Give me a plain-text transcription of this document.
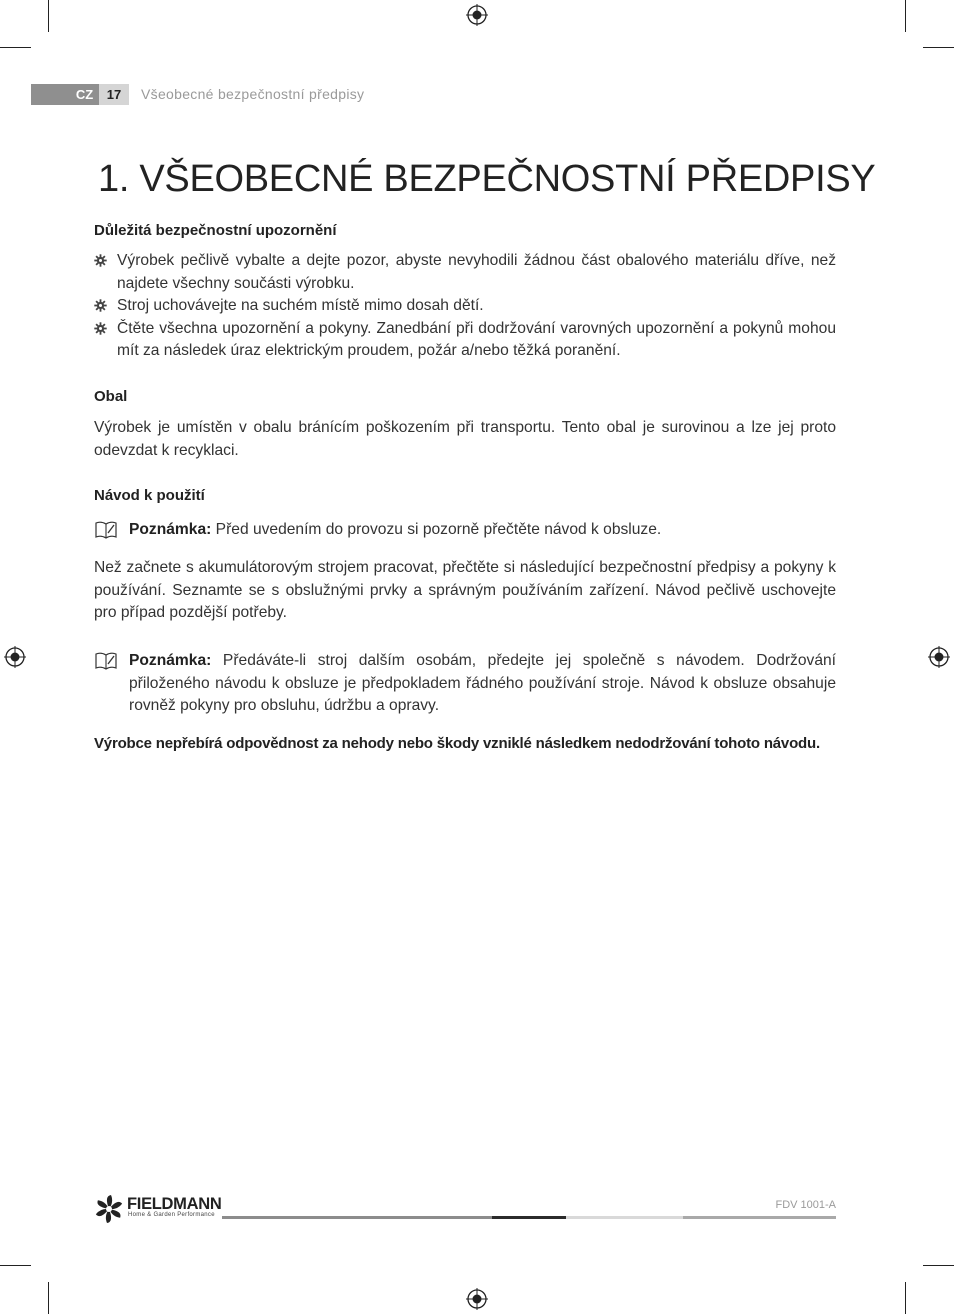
CZ	17	Všeobecné bezpečnostní předpisy
1. VŠEOBECNÉ BEZPEČNOSTNÍ PŘEDPISY
Důležitá bezpečnostní upozornění
Výrobek pečlivě vybalte a dejte pozor, abyste nevyhodili žádnou část obalového materiálu dříve, než najdete všechny součásti výrobku.
Stroj uchovávejte na suchém místě mimo dosah dětí.
Čtěte všechna upozornění a pokyny. Zanedbání při dodržování varovných upozornění a pokynů mohou mít za následek úraz elektrickým proudem, požár a/nebo těžká poranění.
Obal
Výrobek je umístěn v obalu bránícím poškozením při transportu. Tento obal je surovinou a lze jej proto odevzdat k recyklaci.
Návod k použití
Poznámka: Před uvedením do provozu si pozorně přečtěte návod k obsluze.
Než začnete s akumulátorovým strojem pracovat, přečtěte si následující bezpečnostní předpisy a pokyny k používání. Seznamte se s obslužnými prvky a správným používáním zařízení. Návod pečlivě uschovejte pro případ pozdější potřeby.
Poznámka: Předáváte-li stroj dalším osobám, předejte jej společně s návodem. Dodržování přiloženého návodu k obsluze je předpokladem řádného používání stroje. Návod k obsluze obsahuje rovněž pokyny pro obsluhu, údržbu a opravy.
Výrobce nepřebírá odpovědnost za nehody nebo škody vzniklé následkem nedodržování tohoto návodu.
FIELDMANN
Home & Garden Performance
FDV 1001-A
